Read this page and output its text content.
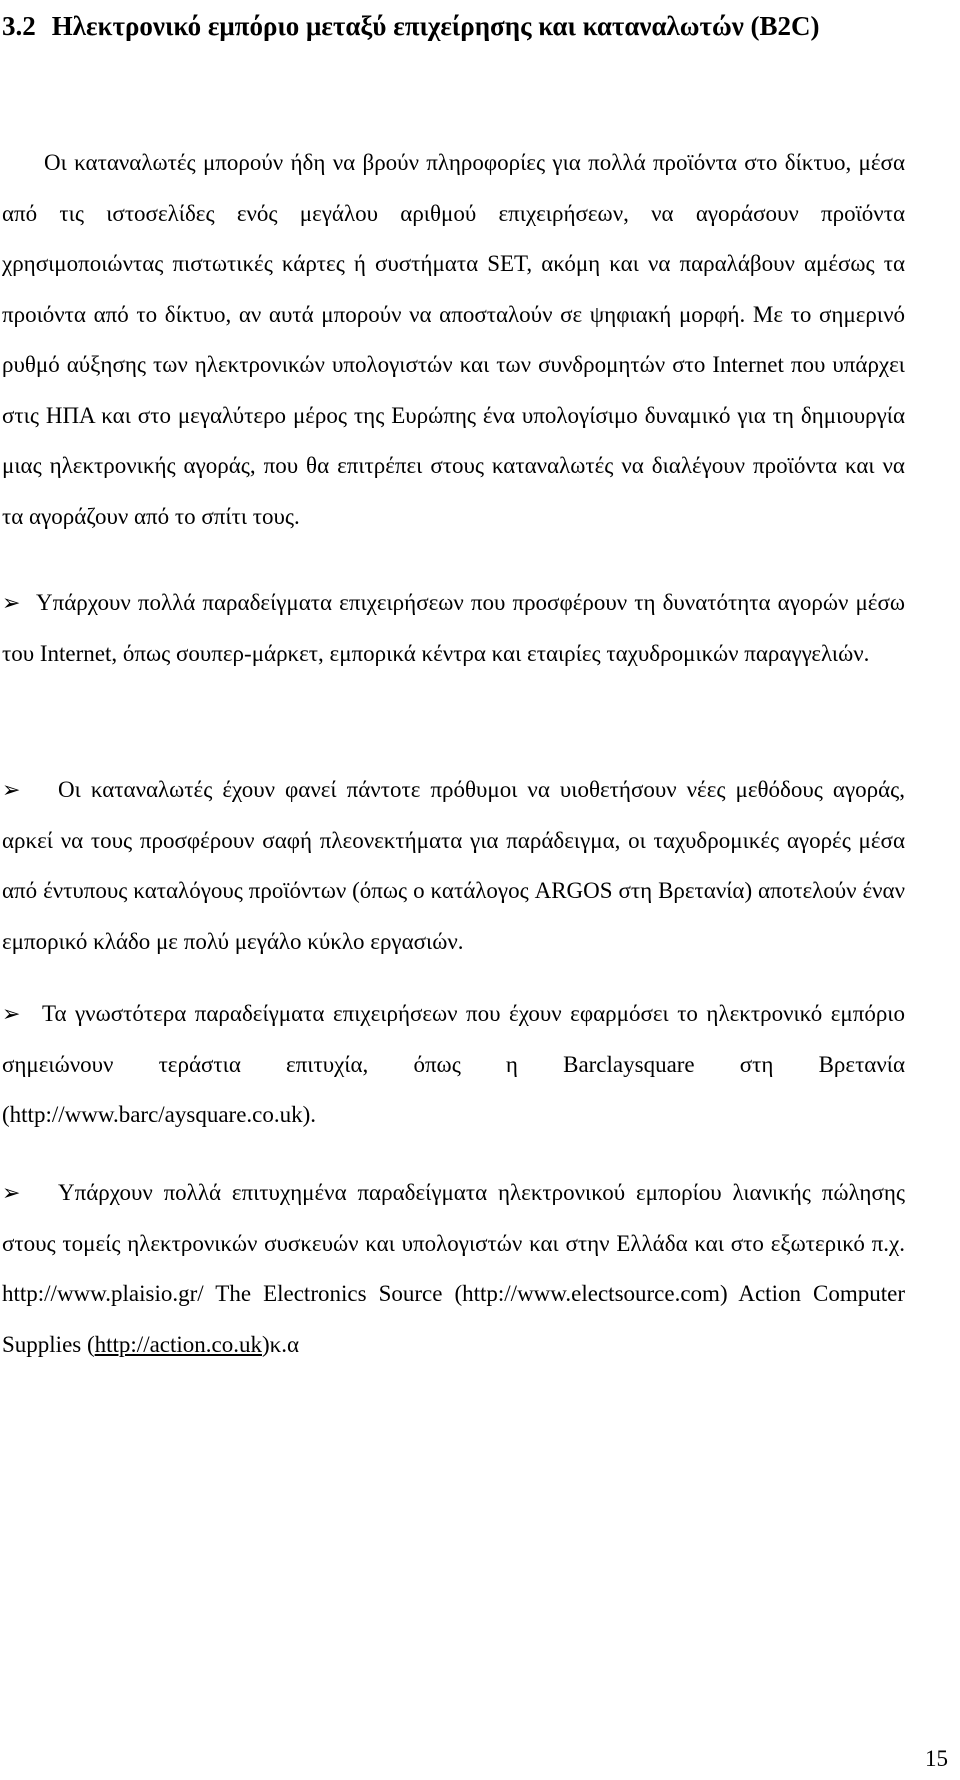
3.2 Ηλεκτρονικό εμπόριο μεταξύ επιχείρησης και καταναλωτών (B2C)
Οι καταναλωτές μπορούν ήδη να βρούν πληροφορίες για πολλά προϊόντα στο δίκτυο, μέσα από τις ιστοσελίδες ενός μεγάλου αριθμού επιχειρήσεων, να αγοράσουν προϊόντα χρησιμοποιώντας πιστωτικές κάρτες ή συστήματα SET, ακόμη και να παραλάβουν αμέσως τα προιόντα από το δίκτυο, αν αυτά μπορούν να αποσταλούν σε ψηφιακή μορφή. Με το σημερινό ρυθμό αύξησης των ηλεκτρονικών υπολογιστών και των συνδρομητών στο Internet που υπάρχει στις ΗΠΑ και στο μεγαλύτερο μέρος της Ευρώπης ένα υπολογίσιμο δυναμικό για τη δημιουργία μιας ηλεκτρονικής αγοράς, που θα επιτρέπει στους καταναλωτές να διαλέγουν προϊόντα και να τα αγοράζουν από το σπίτι τους.
➢ Υπάρχουν πολλά παραδείγματα επιχειρήσεων που προσφέρουν τη δυνατότητα αγορών μέσω του Internet, όπως σουπερ-μάρκετ, εμπορικά κέντρα και εταιρίες ταχυδρομικών παραγγελιών.
➢ Οι καταναλωτές έχουν φανεί πάντοτε πρόθυμοι να υιοθετήσουν νέες μεθόδους αγοράς, αρκεί να τους προσφέρουν σαφή πλεονεκτήματα για παράδειγμα, οι ταχυδρομικές αγορές μέσα από έντυπους καταλόγους προϊόντων (όπως ο κατάλογος ARGOS στη Βρετανία) αποτελούν έναν εμπορικό κλάδο με πολύ μεγάλο κύκλο εργασιών.
➢ Τα γνωστότερα παραδείγματα επιχειρήσεων που έχουν εφαρμόσει το ηλεκτρονικό εμπόριο σημειώνουν τεράστια επιτυχία, όπως η Barclaysquare στη Βρετανία (http://www.barc/aysquare.co.uk).
➢ Υπάρχουν πολλά επιτυχημένα παραδείγματα ηλεκτρονικού εμπορίου λιανικής πώλησης στους τομείς ηλεκτρονικών συσκευών και υπολογιστών και στην Ελλάδα και στο εξωτερικό π.χ. http://www.plaisio.gr/ The Electronics Source (http://www.electsource.com) Action Computer Supplies (http://action.co.uk)κ.α
15
